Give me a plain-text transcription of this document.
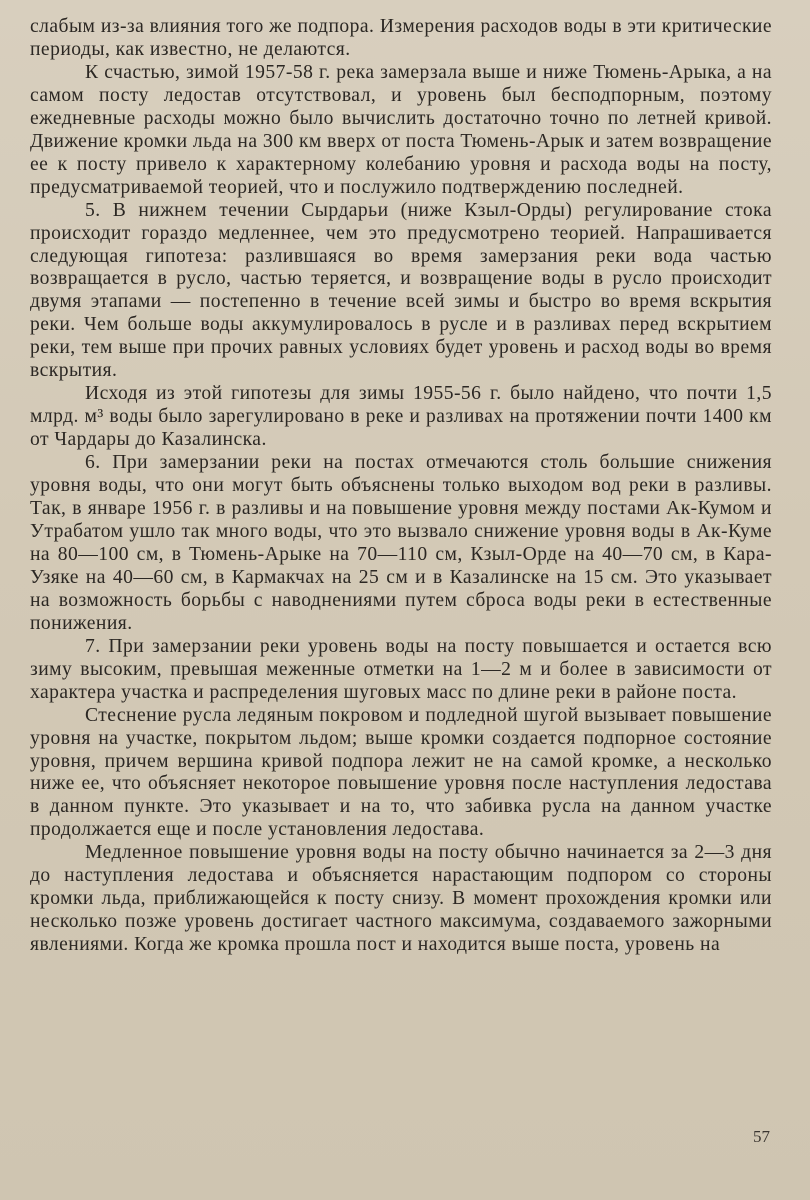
слабым из-за влияния того же подпора. Измерения расходов воды в эти критические периоды, как известно, не делаются.

К счастью, зимой 1957-58 г. река замерзала выше и ниже Тюмень-Арыка, а на самом посту ледостав отсутствовал, и уровень был бесподпорным, поэтому ежедневные расходы можно было вычислить достаточно точно по летней кривой. Движение кромки льда на 300 км вверх от поста Тюмень-Арык и затем возвращение ее к посту привело к характерному колебанию уровня и расхода воды на посту, предусматриваемой теорией, что и послужило подтверждению последней.

5. В нижнем течении Сырдарьи (ниже Кзыл-Орды) регулирование стока происходит гораздо медленнее, чем это предусмотрено теорией. Напрашивается следующая гипотеза: разлившаяся во время замерзания реки вода частью возвращается в русло, частью теряется, и возвращение воды в русло происходит двумя этапами — постепенно в течение всей зимы и быстро во время вскрытия реки. Чем больше воды аккумулировалось в русле и в разливах перед вскрытием реки, тем выше при прочих равных условиях будет уровень и расход воды во время вскрытия.

Исходя из этой гипотезы для зимы 1955-56 г. было найдено, что почти 1,5 млрд. м³ воды было зарегулировано в реке и разливах на протяжении почти 1400 км от Чардары до Казалинска.

6. При замерзании реки на постах отмечаются столь большие снижения уровня воды, что они могут быть объяснены только выходом вод реки в разливы. Так, в январе 1956 г. в разливы и на повышение уровня между постами Ак-Кумом и Утрабатом ушло так много воды, что это вызвало снижение уровня воды в Ак-Куме на 80—100 см, в Тюмень-Арыке на 70—110 см, Кзыл-Орде на 40—70 см, в Кара-Узяке на 40—60 см, в Кармакчах на 25 см и в Казалинске на 15 см. Это указывает на возможность борьбы с наводнениями путем сброса воды реки в естественные понижения.

7. При замерзании реки уровень воды на посту повышается и остается всю зиму высоким, превышая меженные отметки на 1—2 м и более в зависимости от характера участка и распределения шуговых масс по длине реки в районе поста.

Стеснение русла ледяным покровом и подледной шугой вызывает повышение уровня на участке, покрытом льдом; выше кромки создается подпорное состояние уровня, причем вершина кривой подпора лежит не на самой кромке, а несколько ниже ее, что объясняет некоторое повышение уровня после наступления ледостава в данном пункте. Это указывает и на то, что забивка русла на данном участке продолжается еще и после установления ледостава.

Медленное повышение уровня воды на посту обычно начинается за 2—3 дня до наступления ледостава и объясняется нарастающим подпором со стороны кромки льда, приближающейся к посту снизу. В момент прохождения кромки или несколько позже уровень достигает частного максимума, создаваемого зажорными явлениями. Когда же кромка прошла пост и находится выше поста, уровень на

57
